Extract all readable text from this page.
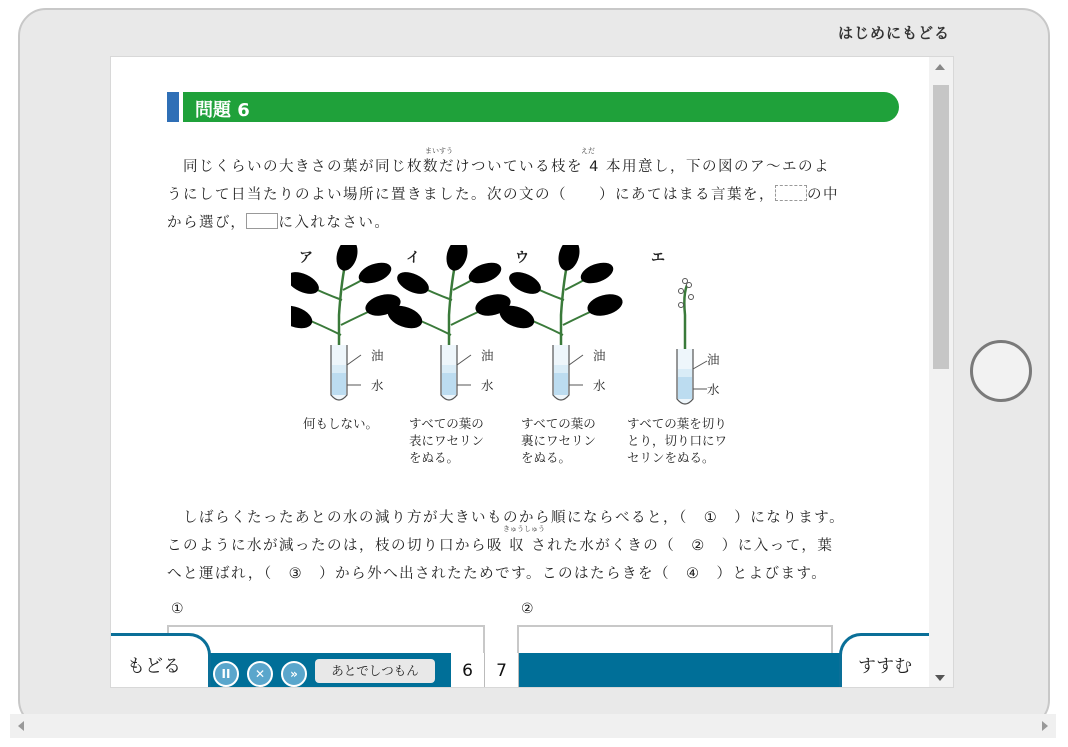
はじめにもどる
問題 6
まいすう	えだ
同じくらいの大きさの葉が同じ枚数だけついている枝を 4 本用意し，下の図のア～エのよ
うにして日当たりのよい場所に置きました。次の文の（　　）にあてはまる言葉を， の中
から選び， に入れなさい。
ア	イ	ウ	エ
油
水
油
水
油
水
油
水
何もしない。 すべての葉の
表にワセリン
をぬる。
すべての葉の
裏にワセリン
をぬる。
すべての葉を切り
とり，切り口にワ
セリンをぬる。
しばらくたったあとの水の減り方が大きいものから順にならべると，（　①　）になります。
きゅうしゅう
このように水が減ったのは，枝の切り口から吸 収 された水がくきの（　②　）に入って，葉
へと運ばれ，（　③　）から外へ出されたためです。このはたらきを（　④　）とよびます。
①	②
もどる	II	✕	»	あとでしつもん	6	7	すすむ
